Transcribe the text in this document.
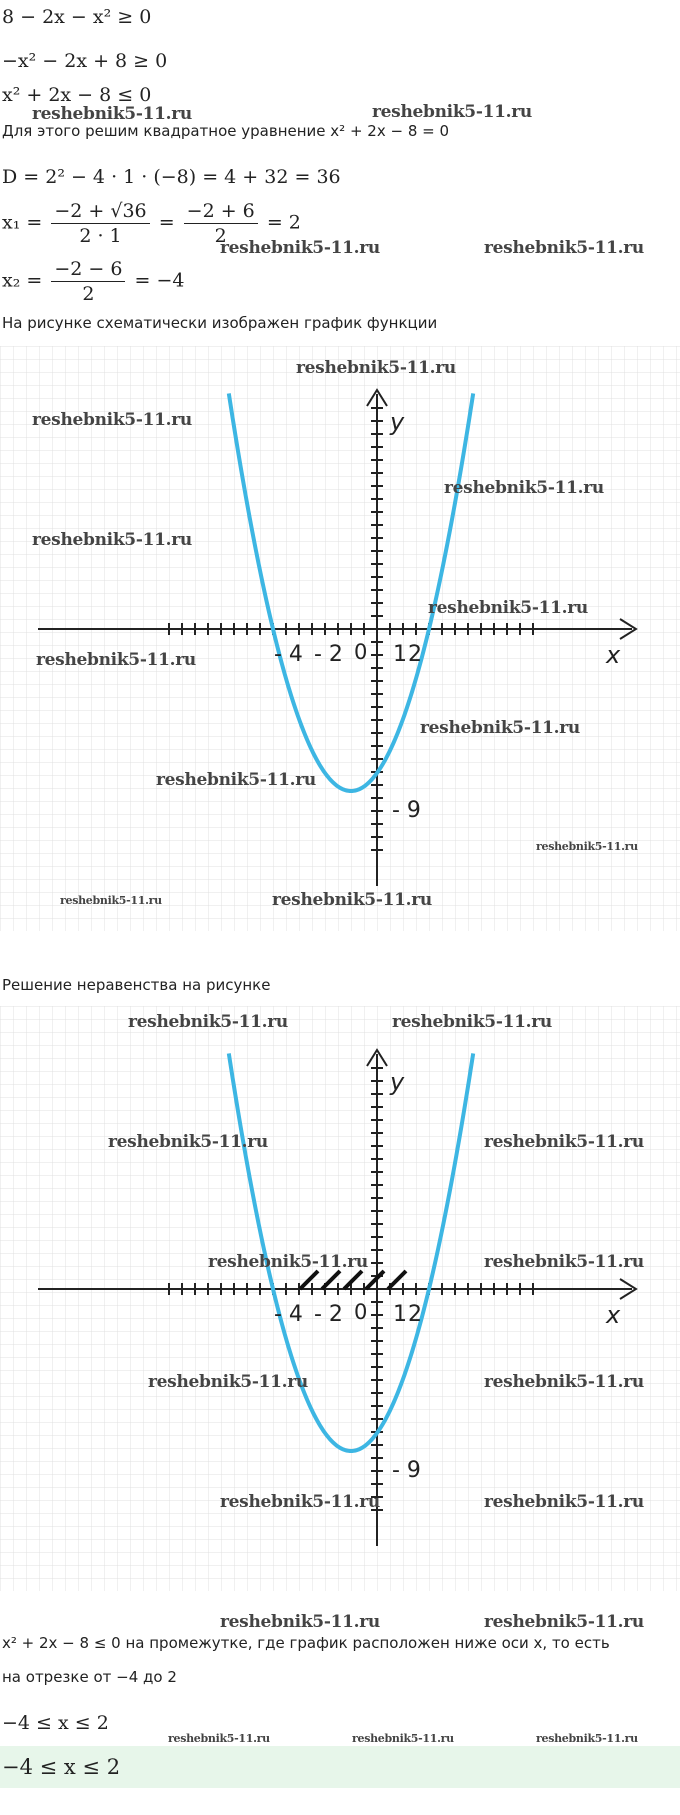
8 − 2x − x² ≥ 0
−x² − 2x + 8 ≥ 0
x² + 2x − 8 ≤ 0
Для этого решим квадратное уравнение x² + 2x − 8 = 0
D = 2² − 4 · 1 · (−8) = 4 + 32 = 36
$x_1 = \frac{-2 + √36}{2 \cdot 1} = \frac{-2 + 6}{2} = 2$
$x_2 = \frac{-2 - 6}{2} = -4$
На рисунке схематически изображен график функции
y
x
- 4 - 2 0 1 2
- 9
Решение неравенства на рисунке
y
x
- 4 - 2 0 1 2
- 9
x² + 2x − 8 ≤ 0 на промежутке, где график расположен ниже оси x, то есть
на отрезке от −4 до 2
−4 ≤ x ≤ 2
−4 ≤ x ≤ 2
reshebnik5-11.ru	reshebnik5-11.ru
reshebnik5-11.ru	reshebnik5-11.ru
reshebnik5-11.ru
reshebnik5-11.ru
reshebnik5-11.ru
reshebnik5-11.ru
reshebnik5-11.ru
reshebnik5-11.ru
reshebnik5-11.ru
reshebnik5-11.ru
reshebnik5-11.ru
reshebnik5-11.ru	reshebnik5-11.ru
reshebnik5-11.ru	reshebnik5-11.ru
reshebnik5-11.ru	reshebnik5-11.ru
reshebnik5-11.ru	reshebnik5-11.ru
reshebnik5-11.ru	reshebnik5-11.ru
reshebnik5-11.ru	reshebnik5-11.ru
reshebnik5-11.ru	reshebnik5-11.ru
reshebnik5-11.ru	reshebnik5-11.ru	reshebnik5-11.ru
